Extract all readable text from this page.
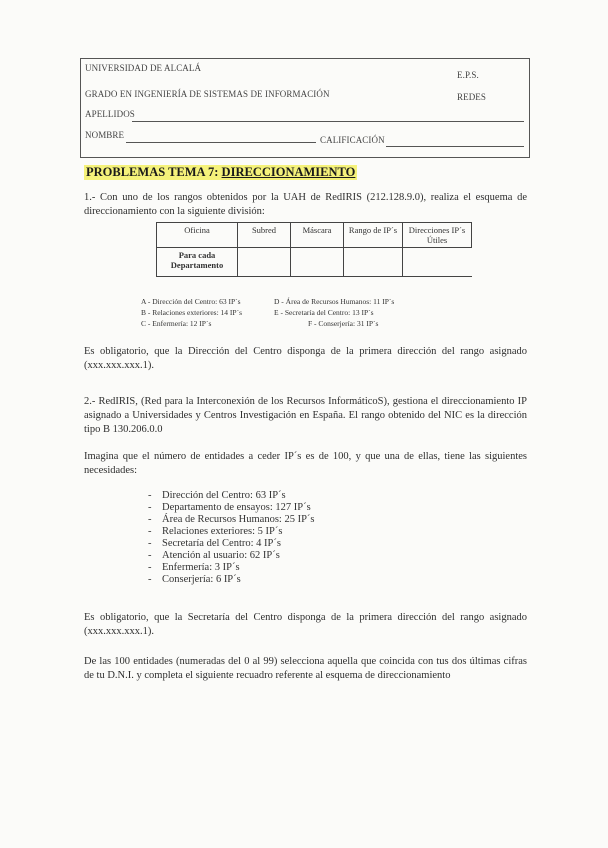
UNIVERSIDAD DE ALCALÁ
E.P.S.
GRADO EN INGENIERÍA DE SISTEMAS DE INFORMACIÓN	REDES
APELLIDOS
NOMBRE	CALIFICACIÓN
PROBLEMAS TEMA 7: DIRECCIONAMIENTO
1.- Con uno de los rangos obtenidos por la UAH de RedIRIS (212.128.9.0), realiza el esquema de direccionamiento con la siguiente división:
Oficina	Subred	Máscara	Rango de IP´s	Direcciones IP´s Útiles
Para cada Departamento				
A - Dirección del Centro: 63 IP´s
B - Relaciones exteriores: 14 IP´s
C - Enfermería: 12 IP´s
D - Área de Recursos Humanos: 11 IP´s
E - Secretaría del Centro: 13 IP´s
F - Conserjería: 31 IP´s
Es obligatorio, que la Dirección del Centro disponga de la primera dirección del rango asignado (xxx.xxx.xxx.1).
2.- RedIRIS, (Red para la Interconexión de los Recursos InformáticoS), gestiona el direccionamiento IP asignado a Universidades y Centros Investigación en España. El rango obtenido del NIC es la dirección tipo B 130.206.0.0
Imagina que el número de entidades a ceder IP´s es de 100, y que una de ellas, tiene las siguientes necesidades:
- Dirección del Centro: 63 IP´s
- Departamento de ensayos: 127 IP´s
- Área de Recursos Humanos: 25 IP´s
- Relaciones exteriores: 5 IP´s
- Secretaría del Centro: 4 IP´s
- Atención al usuario: 62 IP´s
- Enfermería: 3 IP´s
- Conserjería: 6 IP´s
Es obligatorio, que la Secretaría del Centro disponga de la primera dirección del rango asignado (xxx.xxx.xxx.1).
De las 100 entidades (numeradas del 0 al 99) selecciona aquella que coincida con tus dos últimas cifras de tu D.N.I. y completa el siguiente recuadro referente al esquema de direccionamiento
